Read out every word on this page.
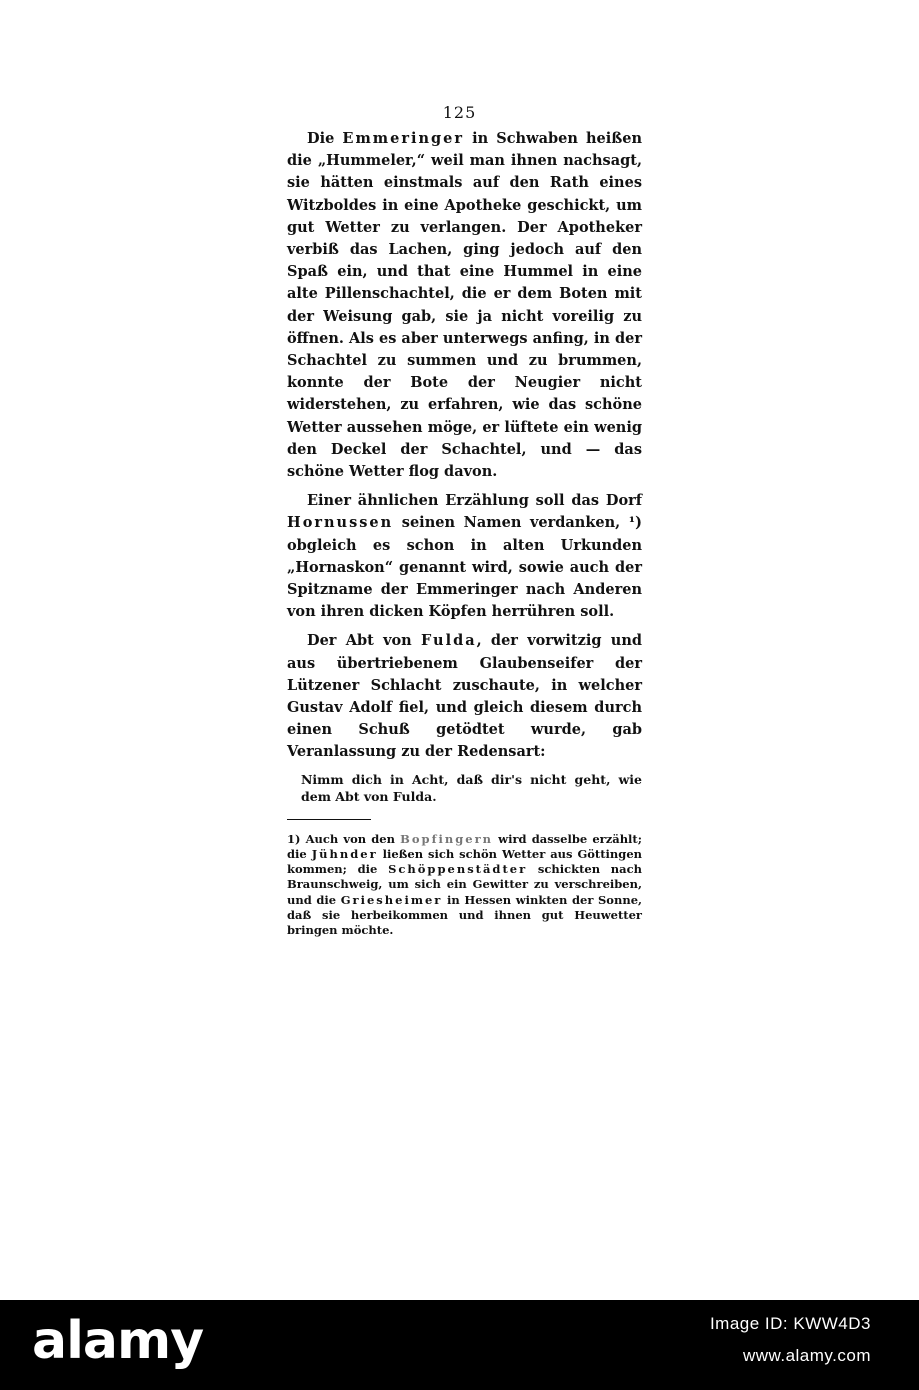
125

Die Emmeringer in Schwaben heißen die „Hummeler,“ weil man ihnen nachsagt, sie hätten einstmals auf den Rath eines Witzboldes in eine Apotheke geschickt, um gut Wetter zu verlangen. Der Apotheker verbiß das Lachen, ging jedoch auf den Spaß ein, und that eine Hummel in eine alte Pillenschachtel, die er dem Boten mit der Weisung gab, sie ja nicht voreilig zu öffnen. Als es aber unterwegs anfing, in der Schachtel zu summen und zu brummen, konnte der Bote der Neugier nicht widerstehen, zu erfahren, wie das schöne Wetter aussehen möge, er lüftete ein wenig den Deckel der Schachtel, und — das schöne Wetter flog davon.

Einer ähnlichen Erzählung soll das Dorf Hornussen seinen Namen verdanken, ¹) obgleich es schon in alten Urkunden „Hornaskon“ genannt wird, sowie auch der Spitzname der Emmeringer nach Anderen von ihren dicken Köpfen herrühren soll.

Der Abt von Fulda, der vorwitzig und aus übertriebenem Glaubenseifer der Lützener Schlacht zuschaute, in welcher Gustav Adolf fiel, und gleich diesem durch einen Schuß getödtet wurde, gab Veranlassung zu der Redensart:

Nimm dich in Acht, daß dir's nicht geht, wie dem Abt von Fulda.

1) Auch von den Bopfingern wird dasselbe erzählt; die Jühnder ließen sich schön Wetter aus Göttingen kommen; die Schöppenstädter schickten nach Braunschweig, um sich ein Gewitter zu verschreiben, und die Griesheimer in Hessen winkten der Sonne, daß sie herbeikommen und ihnen gut Heuwetter bringen möchte.

alamy	Image ID: KWW4D3
www.alamy.com
